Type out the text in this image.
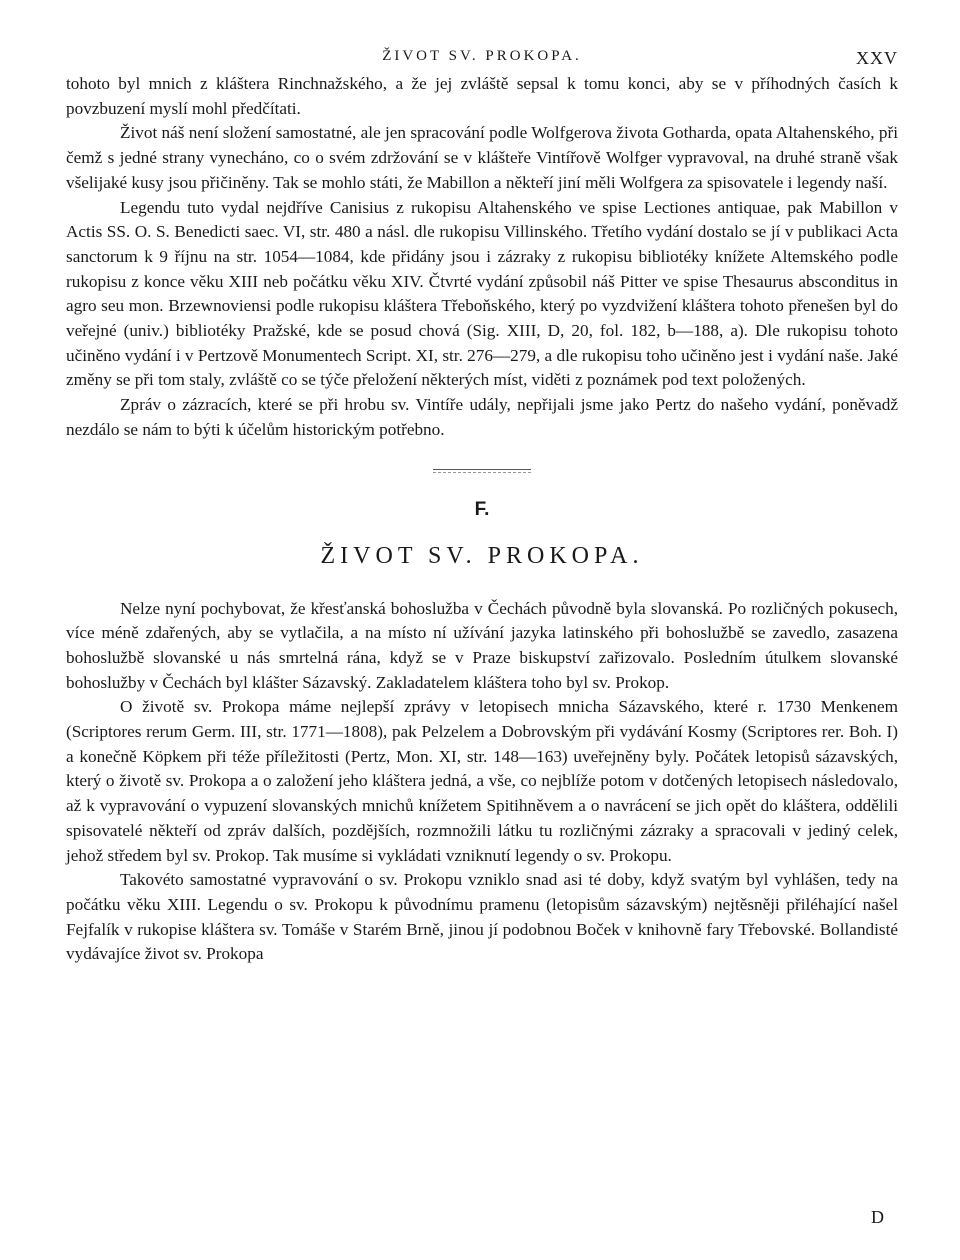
ŽIVOT SV. PROKOPA.	XXV

tohoto byl mnich z kláštera Rinchnažského, a že jej zvláště sepsal k tomu konci, aby se v příhodných časích k povzbuzení myslí mohl předčítati.

Život náš není složení samostatné, ale jen spracování podle Wolfgerova života Gotharda, opata Altahenského, při čemž s jedné strany vynecháno, co o svém zdržování se v klášteře Vintířově Wolfger vypravoval, na druhé straně však všelijaké kusy jsou přičiněny. Tak se mohlo státi, že Mabillon a někteří jiní měli Wolfgera za spisovatele i legendy naší.

Legendu tuto vydal nejdříve Canisius z rukopisu Altahenského ve spise Lectiones antiquae, pak Mabillon v Actis SS. O. S. Benedicti saec. VI, str. 480 a násl. dle rukopisu Villinského. Třetího vydání dostalo se jí v publikaci Acta sanctorum k 9 říjnu na str. 1054—1084, kde přidány jsou i zázraky z rukopisu bibliotéky knížete Altemského podle rukopisu z konce věku XIII neb počátku věku XIV. Čtvrté vydání způsobil náš Pitter ve spise Thesaurus absconditus in agro seu mon. Brzewnoviensi podle rukopisu kláštera Třeboňského, který po vyzdvižení kláštera tohoto přenešen byl do veřejné (univ.) bibliotéky Pražské, kde se posud chová (Sig. XIII, D, 20, fol. 182, b—188, a). Dle rukopisu tohoto učiněno vydání i v Pertzově Monumentech Script. XI, str. 276—279, a dle rukopisu toho učiněno jest i vydání naše. Jaké změny se při tom staly, zvláště co se týče přeložení některých míst, viděti z poznámek pod text položených.

Zpráv o zázracích, které se při hrobu sv. Vintíře udály, nepřijali jsme jako Pertz do našeho vydání, poněvadž nezdálo se nám to býti k účelům historickým potřebno.

F.
ŽIVOT SV. PROKOPA.

Nelze nyní pochybovat, že křesťanská bohoslužba v Čechách původně byla slovanská. Po rozličných pokusech, více méně zdařených, aby se vytlačila, a na místo ní užívání jazyka latinského při bohoslužbě se zavedlo, zasazena bohoslužbě slovanské u nás smrtelná rána, když se v Praze biskupství zařizovalo. Posledním útulkem slovanské bohoslužby v Čechách byl klášter Sázavský. Zakladatelem kláštera toho byl sv. Prokop.

O životě sv. Prokopa máme nejlepší zprávy v letopisech mnicha Sázavského, které r. 1730 Menkenem (Scriptores rerum Germ. III, str. 1771—1808), pak Pelzelem a Dobrovským při vydávání Kosmy (Scriptores rer. Boh. I) a konečně Köpkem při téže příležitosti (Pertz, Mon. XI, str. 148—163) uveřejněny byly. Počátek letopisů sázavských, který o životě sv. Prokopa a o založení jeho kláštera jedná, a vše, co nejblíže potom v dotčených letopisech následovalo, až k vypravování o vypuzení slovanských mnichů knížetem Spitihněvem a o navrácení se jich opět do kláštera, oddělili spisovatelé někteří od zpráv dalších, pozdějších, rozmnožili látku tu rozličnými zázraky a spracovali v jediný celek, jehož středem byl sv. Prokop. Tak musíme si vykládati vzniknutí legendy o sv. Prokopu.

Takovéto samostatné vypravování o sv. Prokopu vzniklo snad asi té doby, když svatým byl vyhlášen, tedy na počátku věku XIII. Legendu o sv. Prokopu k původnímu pramenu (letopisům sázavským) nejtěsněji přiléhající našel Fejfalík v rukopise kláštera sv. Tomáše v Starém Brně, jinou jí podobnou Boček v knihovně fary Třebovské. Bollandisté vydávajíce život sv. Prokopa

D
